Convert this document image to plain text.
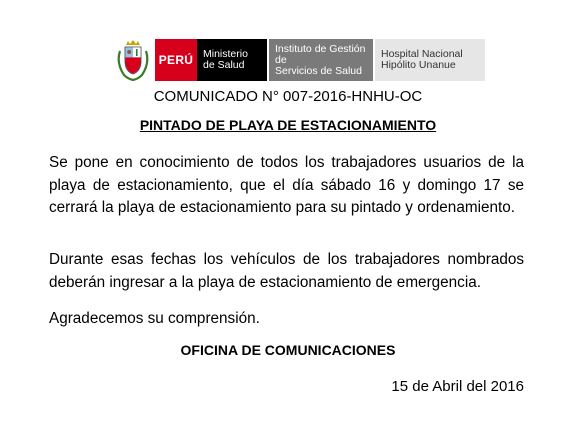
PERÚ Ministerio
de Salud
Instituto de Gestión de
Servicios de Salud
Hospital Nacional
Hipólito Unanue
COMUNICADO N° 007-2016-HNHU-OC
PINTADO DE PLAYA DE ESTACIONAMIENTO

Se pone en conocimiento de todos los trabajadores usuarios de la playa de estacionamiento, que el día sábado 16 y domingo 17 se cerrará la playa de estacionamiento para su pintado y ordenamiento.

Durante esas fechas los vehículos de los trabajadores nombrados deberán ingresar a la playa de estacionamiento de emergencia.

Agradecemos su comprensión.

OFICINA DE COMUNICACIONES
15 de Abril del 2016
